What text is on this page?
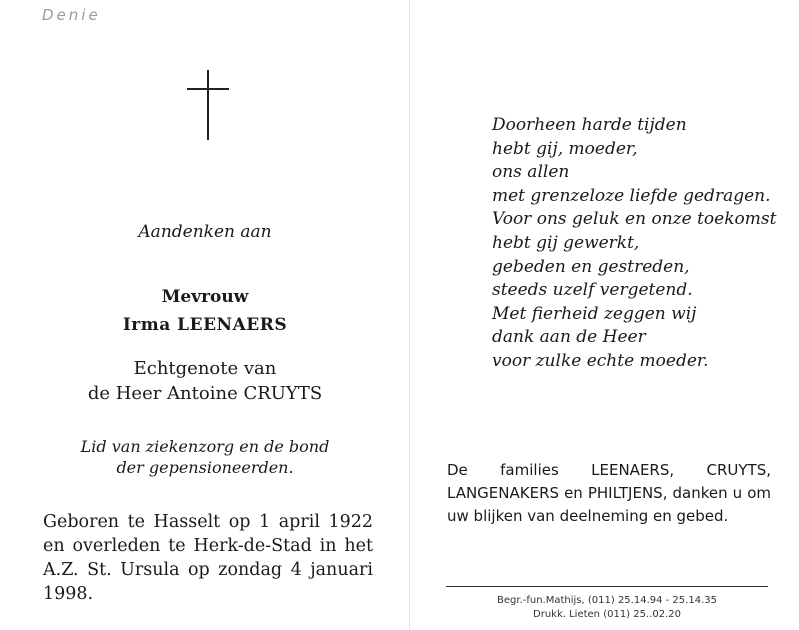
Denie
Aandenken aan
Mevrouw
Irma LEENAERS
Echtgenote van
de Heer Antoine CRUYTS
Lid van ziekenzorg en de bond
der gepensioneerden.
Geboren te Hasselt op 1 april 1922 en overleden te Herk-de-Stad in het A.Z. St. Ursula op zondag 4 januari 1998.
Doorheen harde tijden
hebt gij, moeder,
ons allen
met grenzeloze liefde gedragen.
Voor ons geluk en onze toekomst
hebt gij gewerkt,
gebeden en gestreden,
steeds uzelf vergetend.
Met fierheid zeggen wij
dank aan de Heer
voor zulke echte moeder.
De families LEENAERS, CRUYTS, LANGENAKERS en PHILTJENS, danken u om uw blijken van deelneming en gebed.
Begr.-fun.Mathijs, (011) 25.14.94 - 25.14.35
Drukk. Lieten (011) 25..02.20
